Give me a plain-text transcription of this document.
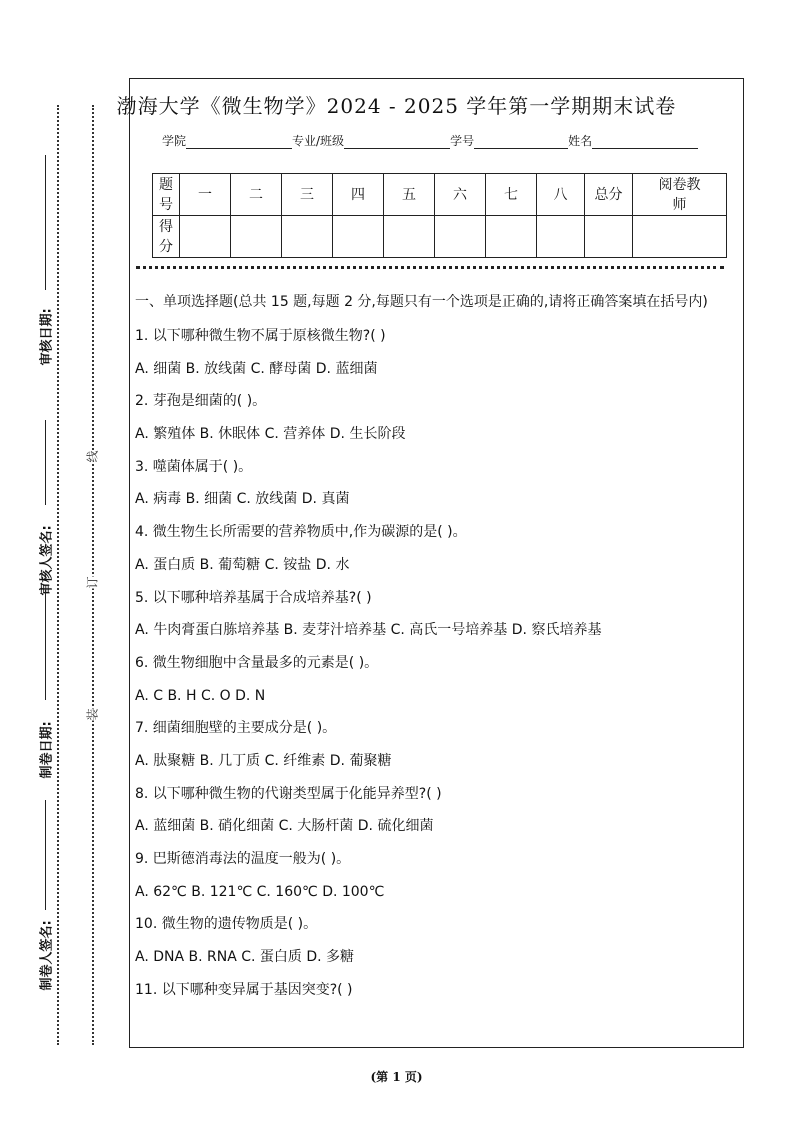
审核日期:
审核人签名:
制卷日期:
制卷人签名:
线
订
装
渤海大学《微生物学》2024 - 2025 学年第一学期期末试卷
学院	专业/班级	学号	姓名
题号	一	二	三	四	五	六	七	八	总分	阅卷教师
得分										
一、单项选择题(总共 15 题,每题 2 分,每题只有一个选项是正确的,请将正确答案填在括号内)
1. 以下哪种微生物不属于原核微生物?( )
A. 细菌 B. 放线菌 C. 酵母菌 D. 蓝细菌
2. 芽孢是细菌的( )。
A. 繁殖体 B. 休眠体 C. 营养体 D. 生长阶段
3. 噬菌体属于( )。
A. 病毒 B. 细菌 C. 放线菌 D. 真菌
4. 微生物生长所需要的营养物质中,作为碳源的是( )。
A. 蛋白质 B. 葡萄糖 C. 铵盐 D. 水
5. 以下哪种培养基属于合成培养基?( )
A. 牛肉膏蛋白胨培养基 B. 麦芽汁培养基 C. 高氏一号培养基 D. 察氏培养基
6. 微生物细胞中含量最多的元素是( )。
A. C B. H C. O D. N
7. 细菌细胞壁的主要成分是( )。
A. 肽聚糖 B. 几丁质 C. 纤维素 D. 葡聚糖
8. 以下哪种微生物的代谢类型属于化能异养型?( )
A. 蓝细菌 B. 硝化细菌 C. 大肠杆菌 D. 硫化细菌
9. 巴斯德消毒法的温度一般为( )。
A. 62℃ B. 121℃ C. 160℃ D. 100℃
10. 微生物的遗传物质是( )。
A. DNA B. RNA C. 蛋白质 D. 多糖
11. 以下哪种变异属于基因突变?( )
(第 1 页)
